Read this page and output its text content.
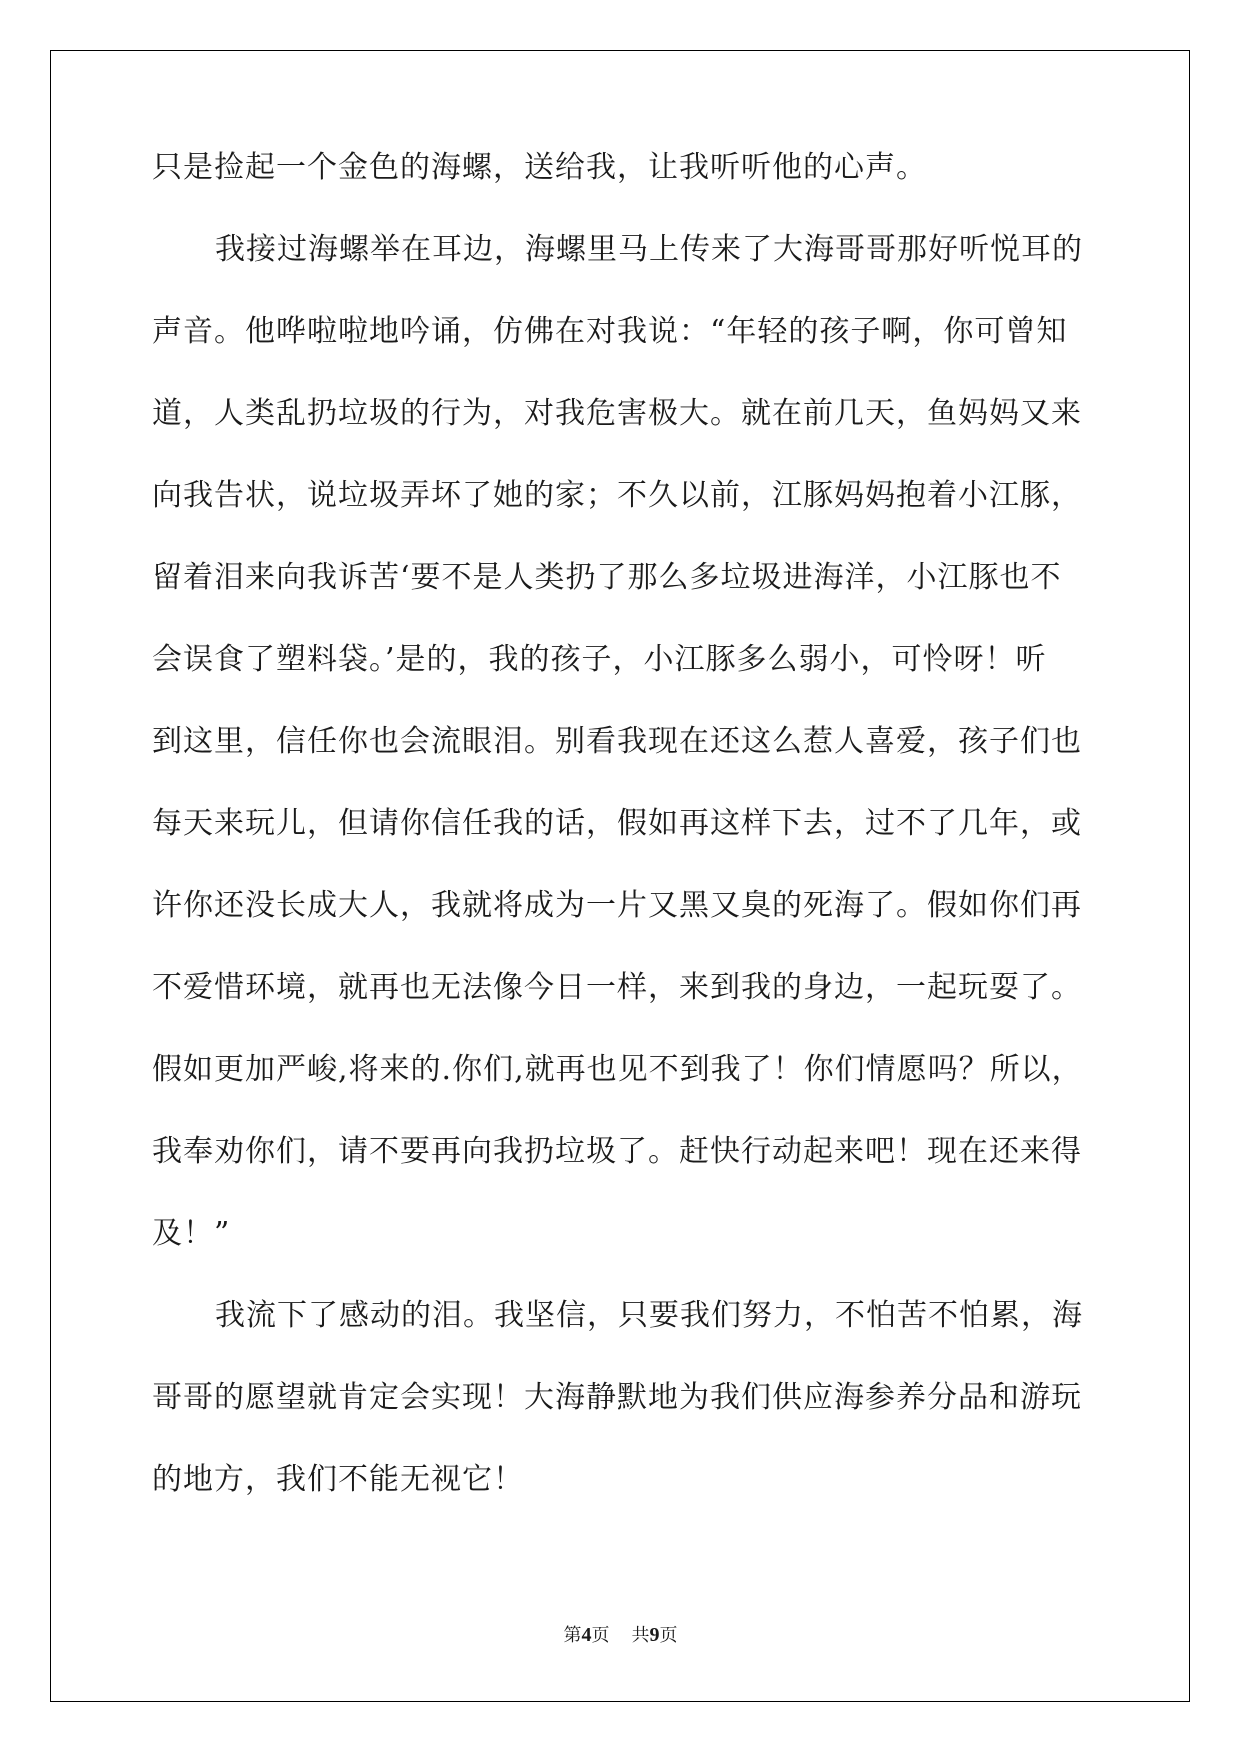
只是捡起一个金色的海螺，送给我，让我听听他的心声。
我接过海螺举在耳边，海螺里马上传来了大海哥哥那好听悦耳的
声音。他哗啦啦地吟诵，仿佛在对我说：“年轻的孩子啊，你可曾知
道，人类乱扔垃圾的行为，对我危害极大。就在前几天，鱼妈妈又来
向我告状，说垃圾弄坏了她的家；不久以前，江豚妈妈抱着小江豚，
留着泪来向我诉苦‘要不是人类扔了那么多垃圾进海洋，小江豚也不
会误食了塑料袋。’是的，我的孩子，小江豚多么弱小，可怜呀！听
到这里，信任你也会流眼泪。别看我现在还这么惹人喜爱，孩子们也
每天来玩儿，但请你信任我的话，假如再这样下去，过不了几年，或
许你还没长成大人，我就将成为一片又黑又臭的死海了。假如你们再
不爱惜环境，就再也无法像今日一样，来到我的身边，一起玩耍了。
假如更加严峻,将来的.你们,就再也见不到我了！你们情愿吗？所以，
我奉劝你们，请不要再向我扔垃圾了。赶快行动起来吧！现在还来得
及！”
我流下了感动的泪。我坚信，只要我们努力，不怕苦不怕累，海
哥哥的愿望就肯定会实现！大海静默地为我们供应海参养分品和游玩
的地方，我们不能无视它！
第4页 共9页
